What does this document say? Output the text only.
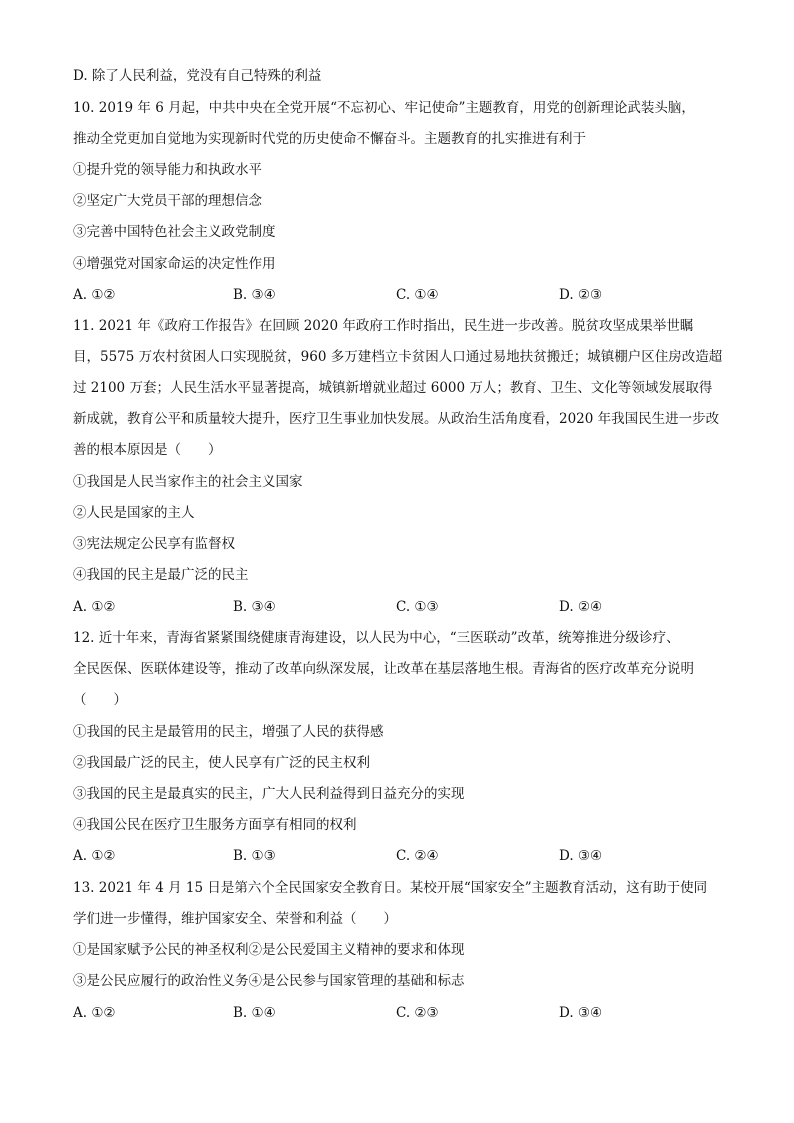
D. 除了人民利益，党没有自己特殊的利益
10. 2019 年 6 月起，中共中央在全党开展“不忘初心、牢记使命”主题教育，用党的创新理论武装头脑，
推动全党更加自觉地为实现新时代党的历史使命不懈奋斗。主题教育的扎实推进有利于
①提升党的领导能力和执政水平
②坚定广大党员干部的理想信念
③完善中国特色社会主义政党制度
④增强党对国家命运的决定性作用
A. ①②	B. ③④	C. ①④	D. ②③
11. 2021 年《政府工作报告》在回顾 2020 年政府工作时指出，民生进一步改善。脱贫攻坚成果举世瞩
目，5575 万农村贫困人口实现脱贫，960 多万建档立卡贫困人口通过易地扶贫搬迁；城镇棚户区住房改造超
过 2100 万套；人民生活水平显著提高，城镇新增就业超过 6000 万人；教育、卫生、文化等领域发展取得
新成就，教育公平和质量较大提升，医疗卫生事业加快发展。从政治生活角度看，2020 年我国民生进一步改
善的根本原因是（　　）
①我国是人民当家作主的社会主义国家
②人民是国家的主人
③宪法规定公民享有监督权
④我国的民主是最广泛的民主
A. ①②	B. ③④	C. ①③	D. ②④
12. 近十年来，青海省紧紧围绕健康青海建设，以人民为中心，“三医联动”改革，统筹推进分级诊疗、
全民医保、医联体建设等，推动了改革向纵深发展，让改革在基层落地生根。青海省的医疗改革充分说明
（　　）
①我国的民主是最管用的民主，增强了人民的获得感
②我国最广泛的民主，使人民享有广泛的民主权利
③我国的民主是最真实的民主，广大人民利益得到日益充分的实现
④我国公民在医疗卫生服务方面享有相同的权利
A. ①②	B. ①③	C. ②④	D. ③④
13. 2021 年 4 月 15 日是第六个全民国家安全教育日。某校开展“国家安全”主题教育活动，这有助于使同
学们进一步懂得，维护国家安全、荣誉和利益（　　）
①是国家赋予公民的神圣权利②是公民爱国主义精神的要求和体现
③是公民应履行的政治性义务④是公民参与国家管理的基础和标志
A. ①②	B. ①④	C. ②③	D. ③④
